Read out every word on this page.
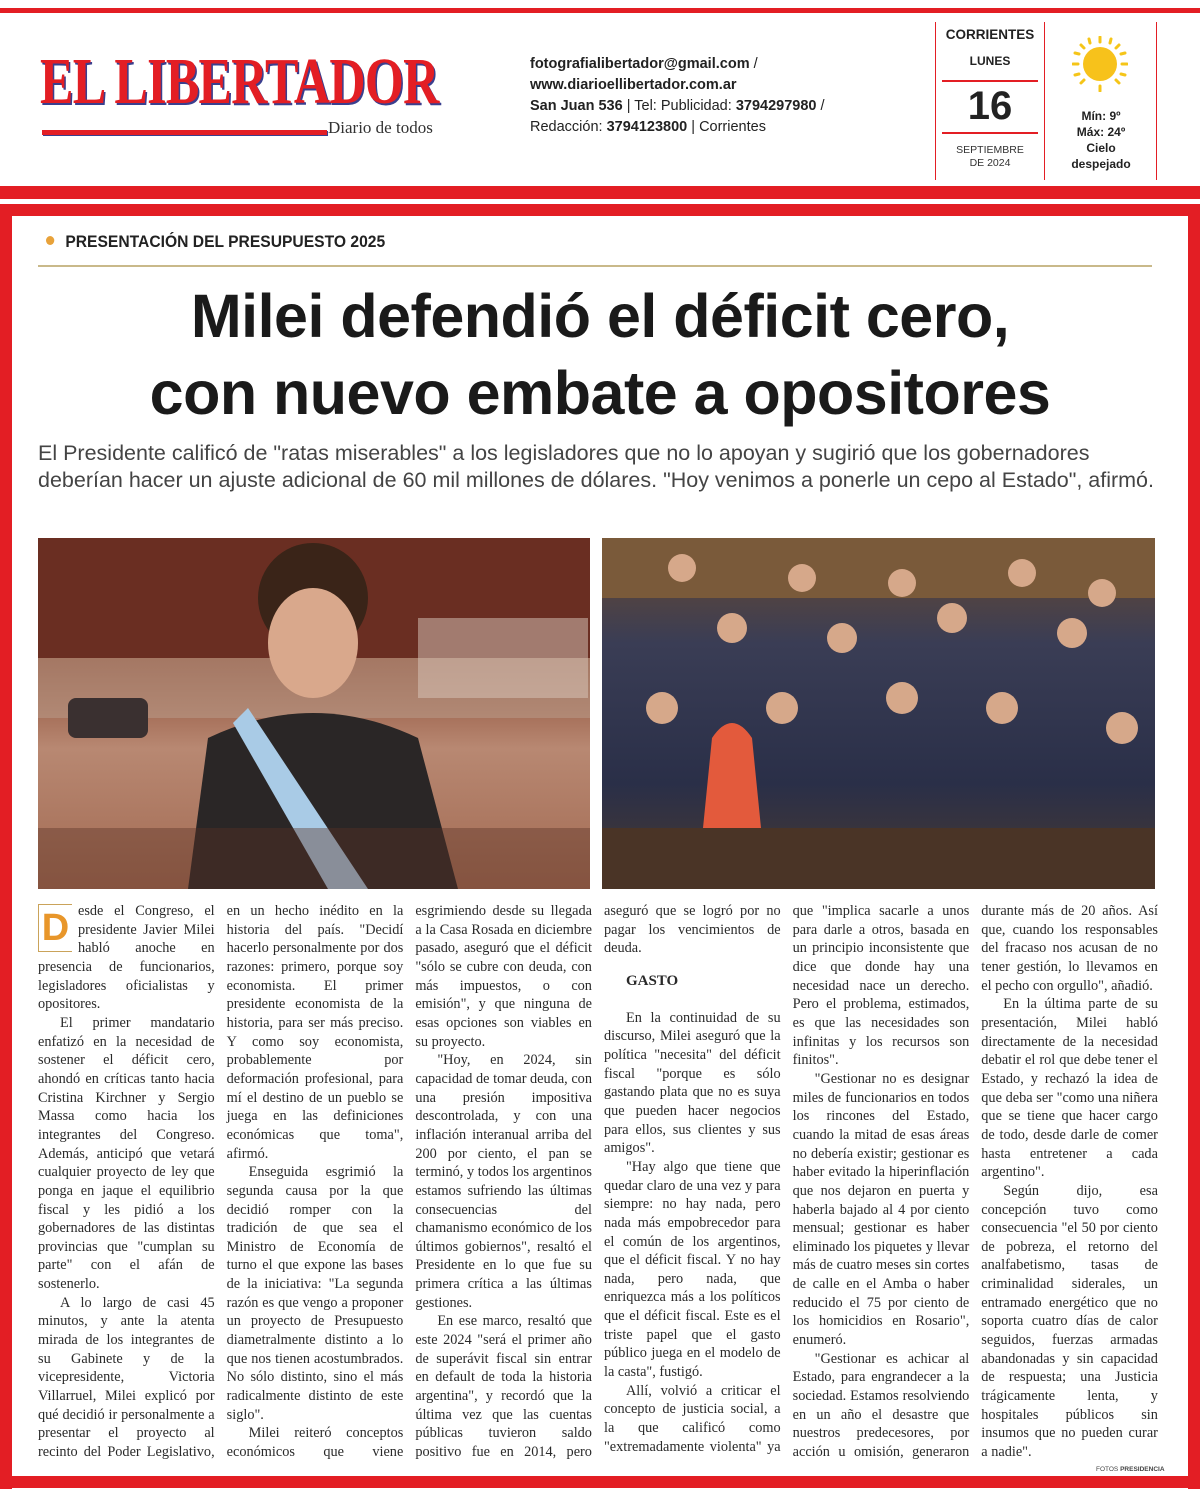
EL LIBERTADOR
Diario de todos
fotografialibertador@gmail.com /
www.diarioellibertador.com.ar
San Juan 536 | Tel: Publicidad: 3794297980 /
Redacción: 3794123800 | Corrientes
CORRIENTES
LUNES
16
SEPTIEMBRE
DE 2024
Mín: 9º
Máx: 24º
Cielo
despejado
PRESENTACIÓN DEL PRESUPUESTO 2025
Milei defendió el déficit cero,
con nuevo embate a opositores
El Presidente calificó de "ratas miserables" a los legisladores que no lo apoyan y sugirió que los gobernadores deberían hacer un ajuste adicional de 60 mil millones de dólares. "Hoy venimos a ponerle un cepo al Estado", afirmó.

D esde el Congreso, el presidente Javier Milei habló anoche en presencia de funcionarios, legisladores oficialistas y opositores.

El primer mandatario enfatizó en la necesidad de sostener el déficit cero, ahondó en críticas tanto hacia Cristina Kirchner y Sergio Massa como hacia los integrantes del Congreso. Además, anticipó que vetará cualquier proyecto de ley que ponga en jaque el equilibrio fiscal y les pidió a los gobernadores de las distintas provincias que "cumplan su parte" con el afán de sostenerlo.

A lo largo de casi 45 minutos, y ante la atenta mirada de los integrantes de su Gabinete y de la vicepresidente, Victoria Villarruel, Milei explicó por qué decidió ir personalmente a presentar el proyecto al recinto del Poder Legislativo, en un hecho inédito en la historia del país. "Decidí hacerlo personalmente por dos razones: primero, porque soy economista. El primer presidente economista de la historia, para ser más preciso. Y como soy economista, probablemente por deformación profesional, para mí el destino de un pueblo se juega en las definiciones económicas que toma", afirmó.

Enseguida esgrimió la segunda causa por la que decidió romper con la tradición de que sea el Ministro de Economía de turno el que expone las bases de la iniciativa: "La segunda razón es que vengo a proponer un proyecto de Presupuesto diametralmente distinto a lo que nos tienen acostumbrados. No sólo distinto, sino el más radicalmente distinto de este siglo".

Milei reiteró conceptos económicos que viene esgrimiendo desde su llegada a la Casa Rosada en diciembre pasado, aseguró que el déficit "sólo se cubre con deuda, con más impuestos, o con emisión", y que ninguna de esas opciones son viables en su proyecto.

"Hoy, en 2024, sin capacidad de tomar deuda, con una presión impositiva descontrolada, y con una inflación interanual arriba del 200 por ciento, el pan se terminó, y todos los argentinos estamos sufriendo las últimas consecuencias del chamanismo económico de los últimos gobiernos", resaltó el Presidente en lo que fue su primera crítica a las últimas gestiones.

En ese marco, resaltó que este 2024 "será el primer año de superávit fiscal sin entrar en default de toda la historia argentina", y recordó que la última vez que las cuentas públicas tuvieron saldo positivo fue en 2014, pero aseguró que se logró por no pagar los vencimientos de deuda.

GASTO

En la continuidad de su discurso, Milei aseguró que la política "necesita" del déficit fiscal "porque es sólo gastando plata que no es suya que pueden hacer negocios para ellos, sus clientes y sus amigos".

"Hay algo que tiene que quedar claro de una vez y para siempre: no hay nada, pero nada más empobrecedor para el común de los argentinos, que el déficit fiscal. Y no hay nada, pero nada, que enriquezca más a los políticos que el déficit fiscal. Este es el triste papel que el gasto público juega en el modelo de la casta", fustigó.

Allí, volvió a criticar el concepto de justicia social, a la que calificó como "extremadamente violenta" ya que "implica sacarle a unos para darle a otros, basada en un principio inconsistente que dice que donde hay una necesidad nace un derecho. Pero el problema, estimados, es que las necesidades son infinitas y los recursos son finitos".

"Gestionar no es designar miles de funcionarios en todos los rincones del Estado, cuando la mitad de esas áreas no debería existir; gestionar es haber evitado la hiperinflación que nos dejaron en puerta y haberla bajado al 4 por ciento mensual; gestionar es haber eliminado los piquetes y llevar más de cuatro meses sin cortes de calle en el Amba o haber reducido el 75 por ciento de los homicidios en Rosario", enumeró.

"Gestionar es achicar al Estado, para engrandecer a la sociedad. Estamos resolviendo en un año el desastre que nuestros predecesores, por acción u omisión, generaron durante más de 20 años. Así que, cuando los responsables del fracaso nos acusan de no tener gestión, lo llevamos en el pecho con orgullo", añadió.

En la última parte de su presentación, Milei habló directamente de la necesidad debatir el rol que debe tener el Estado, y rechazó la idea de que deba ser "como una niñera que se tiene que hacer cargo de todo, desde darle de comer hasta entretener a cada argentino".

Según dijo, esa concepción tuvo como consecuencia "el 50 por ciento de pobreza, el retorno del analfabetismo, tasas de criminalidad siderales, un entramado energético que no soporta cuatro días de calor seguidos, fuerzas armadas abandonadas y sin capacidad de respuesta; una Justicia trágicamente lenta, y hospitales públicos sin insumos que no pueden curar a nadie".

FOTOS PRESIDENCIA
